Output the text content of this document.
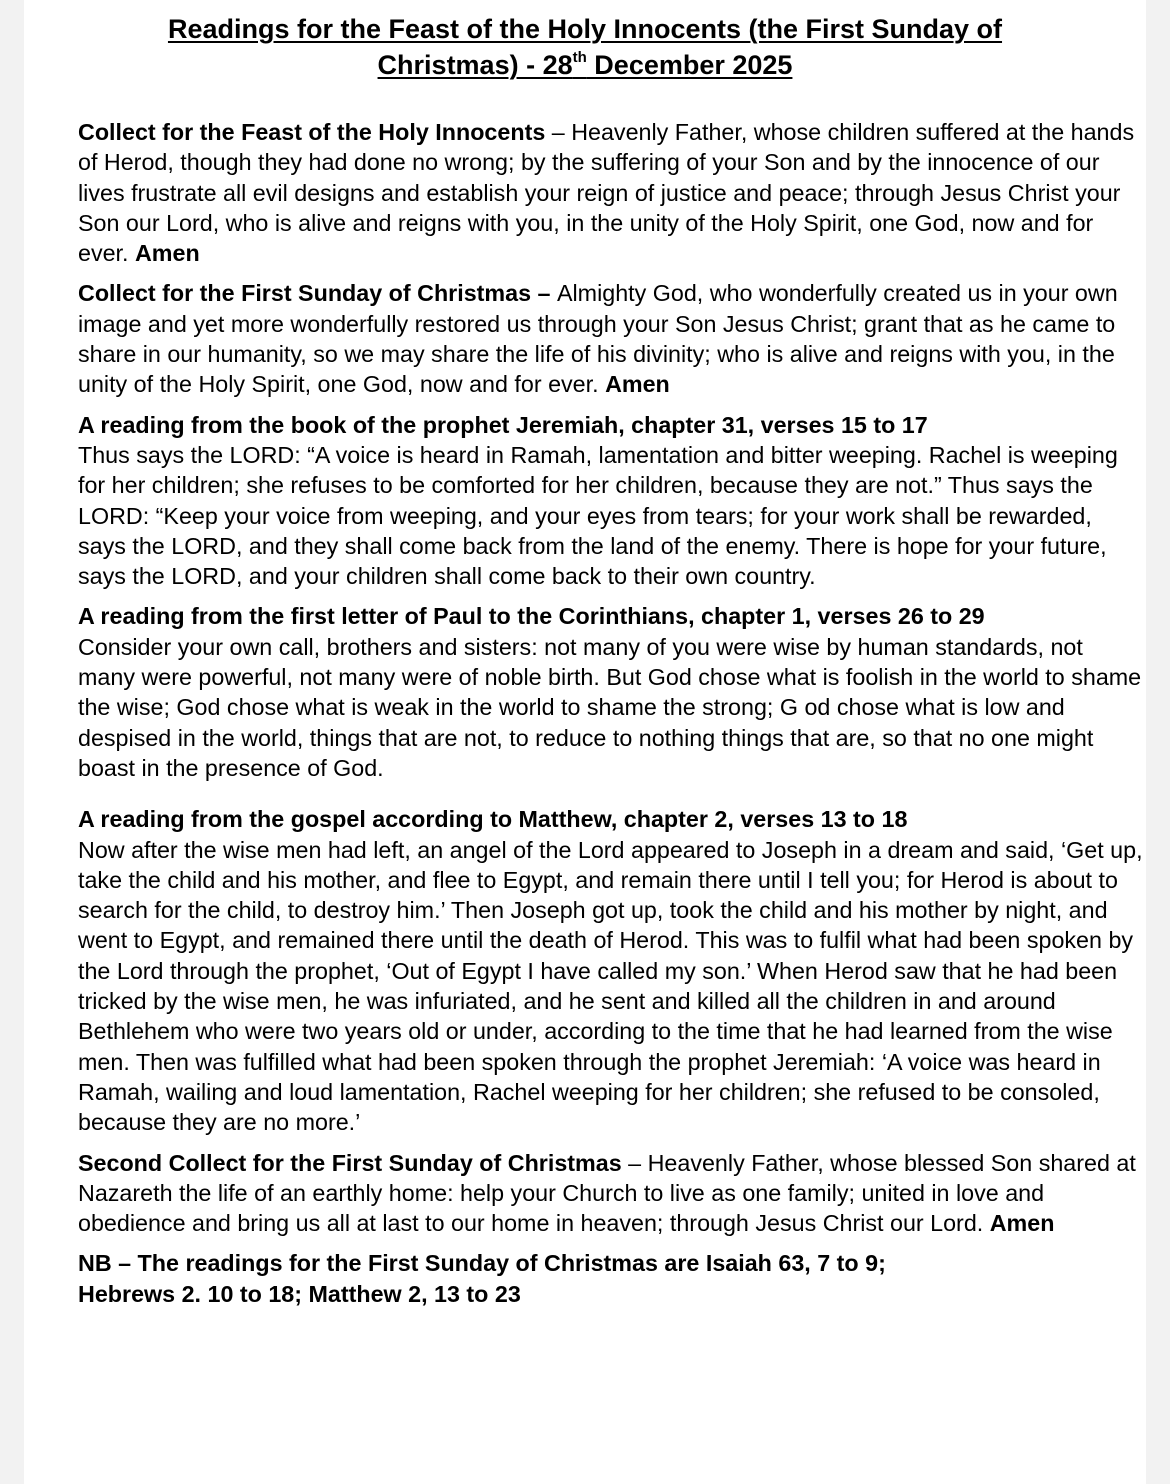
Readings for the Feast of the Holy Innocents (the First Sunday of
Christmas) - 28th December 2025

Collect for the Feast of the Holy Innocents – Heavenly Father, whose children suffered at the hands of Herod, though they had done no wrong; by the suffering of your Son and by the innocence of our lives frustrate all evil designs and establish your reign of justice and peace; through Jesus Christ your Son our Lord, who is alive and reigns with you, in the unity of the Holy Spirit, one God, now and for ever. Amen

Collect for the First Sunday of Christmas – Almighty God, who wonderfully created us in your own image and yet more wonderfully restored us through your Son Jesus Christ; grant that as he came to share in our humanity, so we may share the life of his divinity; who is alive and reigns with you, in the unity of the Holy Spirit, one God, now and for ever. Amen

A reading from the book of the prophet Jeremiah, chapter 31, verses 15 to 17
Thus says the LORD: “A voice is heard in Ramah, lamentation and bitter weeping. Rachel is weeping for her children; she refuses to be comforted for her children, because they are not.” Thus says the LORD: “Keep your voice from weeping, and your eyes from tears; for your work shall be rewarded, says the LORD, and they shall come back from the land of the enemy. There is hope for your future, says the LORD, and your children shall come back to their own country.

A reading from the first letter of Paul to the Corinthians, chapter 1, verses 26 to 29
Consider your own call, brothers and sisters: not many of you were wise by human standards, not many were powerful, not many were of noble birth. But God chose what is foolish in the world to shame the wise; God chose what is weak in the world to shame the strong; G od chose what is low and despised in the world, things that are not, to reduce to nothing things that are, so that no one might boast in the presence of God.

A reading from the gospel according to Matthew, chapter 2, verses 13 to 18
Now after the wise men had left, an angel of the Lord appeared to Joseph in a dream and said, ‘Get up, take the child and his mother, and flee to Egypt, and remain there until I tell you; for Herod is about to search for the child, to destroy him.’ Then Joseph got up, took the child and his mother by night, and went to Egypt, and remained there until the death of Herod. This was to fulfil what had been spoken by the Lord through the prophet, ‘Out of Egypt I have called my son.’ When Herod saw that he had been tricked by the wise men, he was infuriated, and he sent and killed all the children in and around Bethlehem who were two years old or under, according to the time that he had learned from the wise men. Then was fulfilled what had been spoken through the prophet Jeremiah: ‘A voice was heard in Ramah, wailing and loud lamentation, Rachel weeping for her children; she refused to be consoled, because they are no more.’

Second Collect for the First Sunday of Christmas – Heavenly Father, whose blessed Son shared at Nazareth the life of an earthly home: help your Church to live as one family; united in love and obedience and bring us all at last to our home in heaven; through Jesus Christ our Lord. Amen

NB – The readings for the First Sunday of Christmas are Isaiah 63, 7 to 9;
Hebrews 2. 10 to 18; Matthew 2, 13 to 23
